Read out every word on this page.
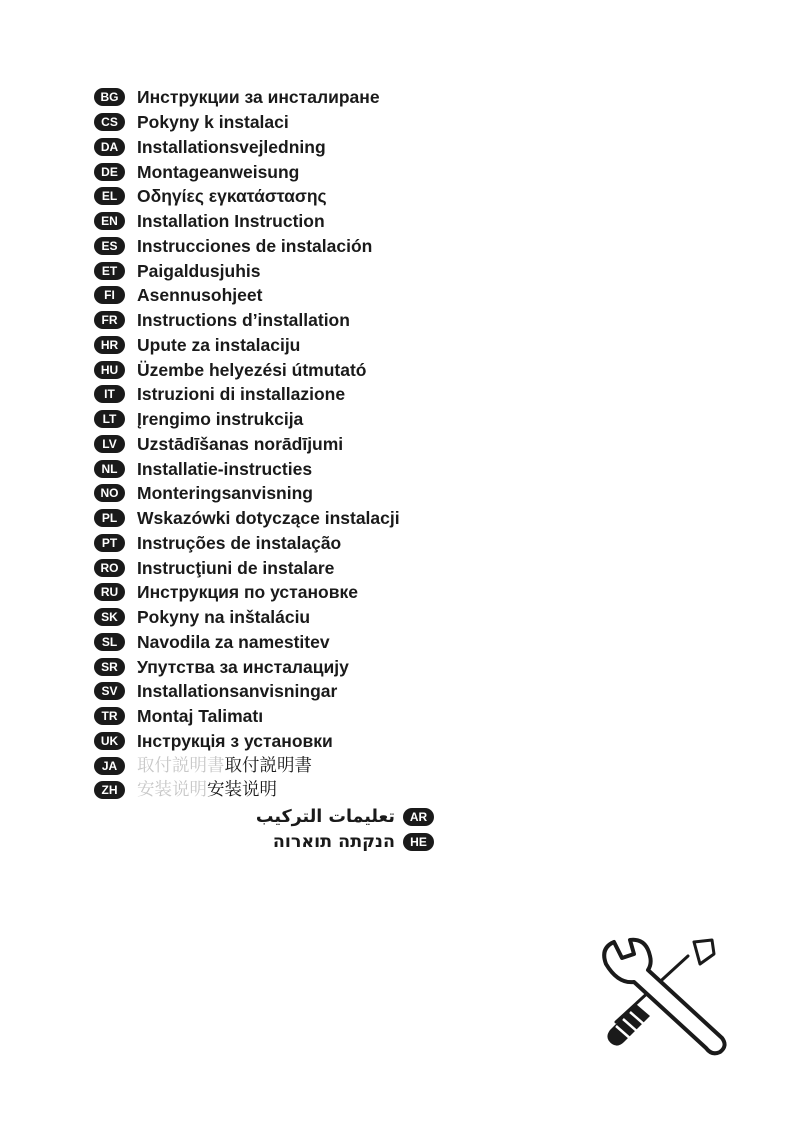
BG	Инструкции за инсталиране
CS	Pokyny k instalaci
DA	Installationsvejledning
DE	Montageanweisung
EL	Οδηγίες εγκατάστασης
EN	Installation Instruction
ES	Instrucciones de instalación
ET	Paigaldusjuhis
FI	Asennusohjeet
FR	Instructions d’installation
HR	Upute za instalaciju
HU	Üzembe helyezési útmutató
IT	Istruzioni di installazione
LT	Įrengimo instrukcija
LV	Uzstādīšanas norādījumi
NL	Installatie-instructies
NO	Monteringsanvisning
PL	Wskazówki dotyczące instalacji
PT	Instruções de instalação
RO	Instrucţiuni de instalare
RU	Инструкция по установке
SK	Pokyny na inštaláciu
SL	Navodila za namestitev
SR	Упутства за инсталацију
SV	Installationsanvisningar
TR	Montaj Talimatı
UK	Інструкція з установки
JA	取付説明書取付説明書
ZH	安装说明安装说明
تعليمات التركيب	AR
הנקתה תוארוה	HE
